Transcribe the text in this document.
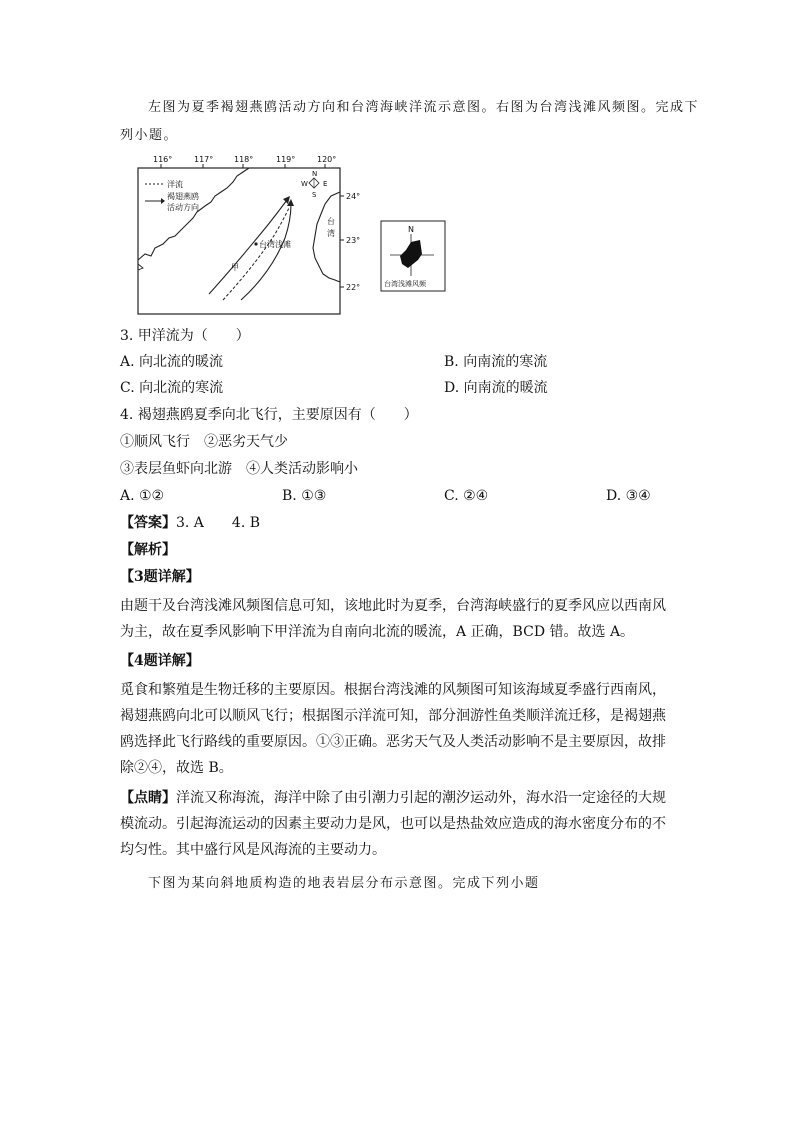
左图为夏季褐翅燕鸥活动方向和台湾海峡洋流示意图。右图为台湾浅滩风频图。完成下
列小题。
116°	117°	118°	119°	120°
24°
23°
22°
洋流
褐翅燕鸥
活动方向
台
湾
N
W E
S
台湾浅滩
甲
N
台湾浅滩风频
3. 甲洋流为（　　）
A. 向北流的暖流	B. 向南流的寒流
C. 向北流的寒流	D. 向南流的暖流
4. 褐翅燕鸥夏季向北飞行，主要原因有（　　）
①顺风飞行　②恶劣天气少
③表层鱼虾向北游　④人类活动影响小
A. ①②	B. ①③	C. ②④	D. ③④
【答案】3. A　　4. B
【解析】
【3题详解】
由题干及台湾浅滩风频图信息可知，该地此时为夏季，台湾海峡盛行的夏季风应以西南风
为主，故在夏季风影响下甲洋流为自南向北流的暖流，A 正确，BCD 错。故选 A。
【4题详解】
觅食和繁殖是生物迁移的主要原因。根据台湾浅滩的风频图可知该海域夏季盛行西南风，
褐翅燕鸥向北可以顺风飞行；根据图示洋流可知，部分洄游性鱼类顺洋流迁移，是褐翅燕
鸥选择此飞行路线的重要原因。①③正确。恶劣天气及人类活动影响不是主要原因，故排
除②④，故选 B。
【点睛】洋流又称海流，海洋中除了由引潮力引起的潮汐运动外，海水沿一定途径的大规
模流动。引起海流运动的因素主要动力是风，也可以是热盐效应造成的海水密度分布的不
均匀性。其中盛行风是风海流的主要动力。
下图为某向斜地质构造的地表岩层分布示意图。完成下列小题
